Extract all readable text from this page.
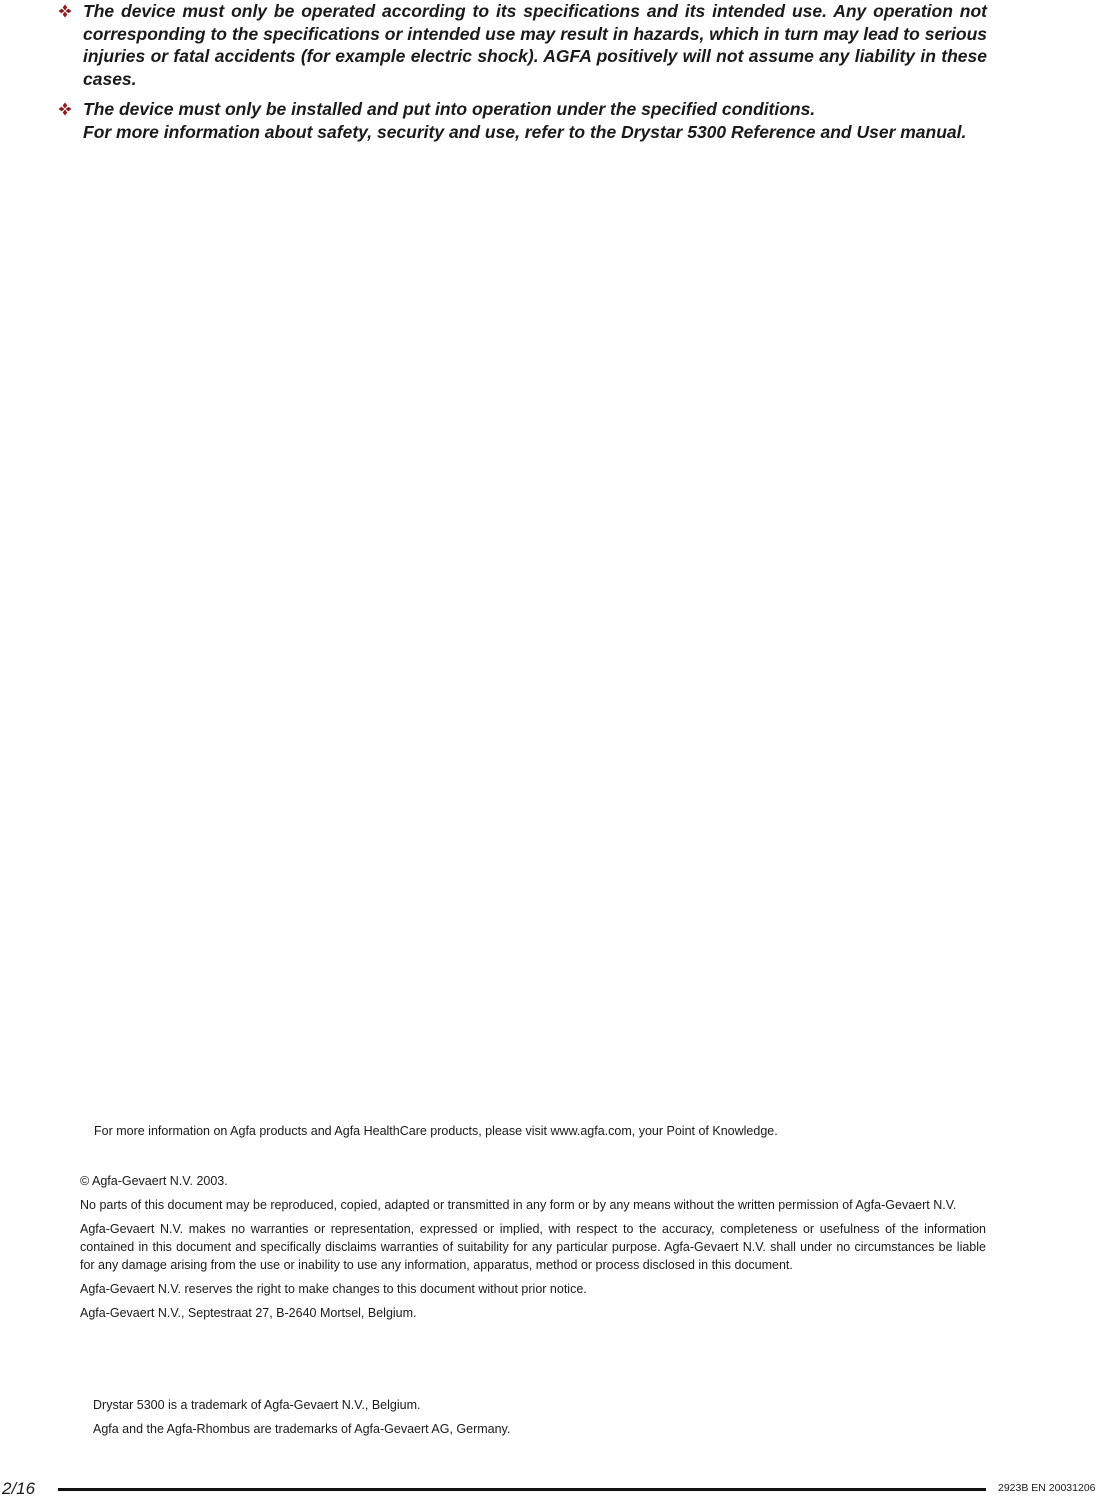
The device must only be operated according to its specifications and its intended use. Any operation not corresponding to the specifications or intended use may result in hazards, which in turn may lead to serious injuries or fatal accidents (for example electric shock). AGFA positively will not assume any liability in these cases.

The device must only be installed and put into operation under the specified conditions.

For more information about safety, security and use, refer to the Drystar 5300 Reference and User manual.

For more information on Agfa products and Agfa HealthCare products, please visit www.agfa.com, your Point of Knowledge.

© Agfa-Gevaert N.V. 2003.

No parts of this document may be reproduced, copied, adapted or transmitted in any form or by any means without the written permission of Agfa-Gevaert N.V.

Agfa-Gevaert N.V. makes no warranties or representation, expressed or implied, with respect to the accuracy, completeness or usefulness of the information contained in this document and specifically disclaims warranties of suitability for any particular purpose. Agfa-Gevaert N.V. shall under no circumstances be liable for any damage arising from the use or inability to use any information, apparatus, method or process disclosed in this document.

Agfa-Gevaert N.V. reserves the right to make changes to this document without prior notice.

Agfa-Gevaert N.V., Septestraat 27, B-2640 Mortsel, Belgium.

Drystar 5300 is a trademark of Agfa-Gevaert N.V., Belgium.

Agfa and the Agfa-Rhombus are trademarks of Agfa-Gevaert AG, Germany.

2/16	2923B EN 20031206
